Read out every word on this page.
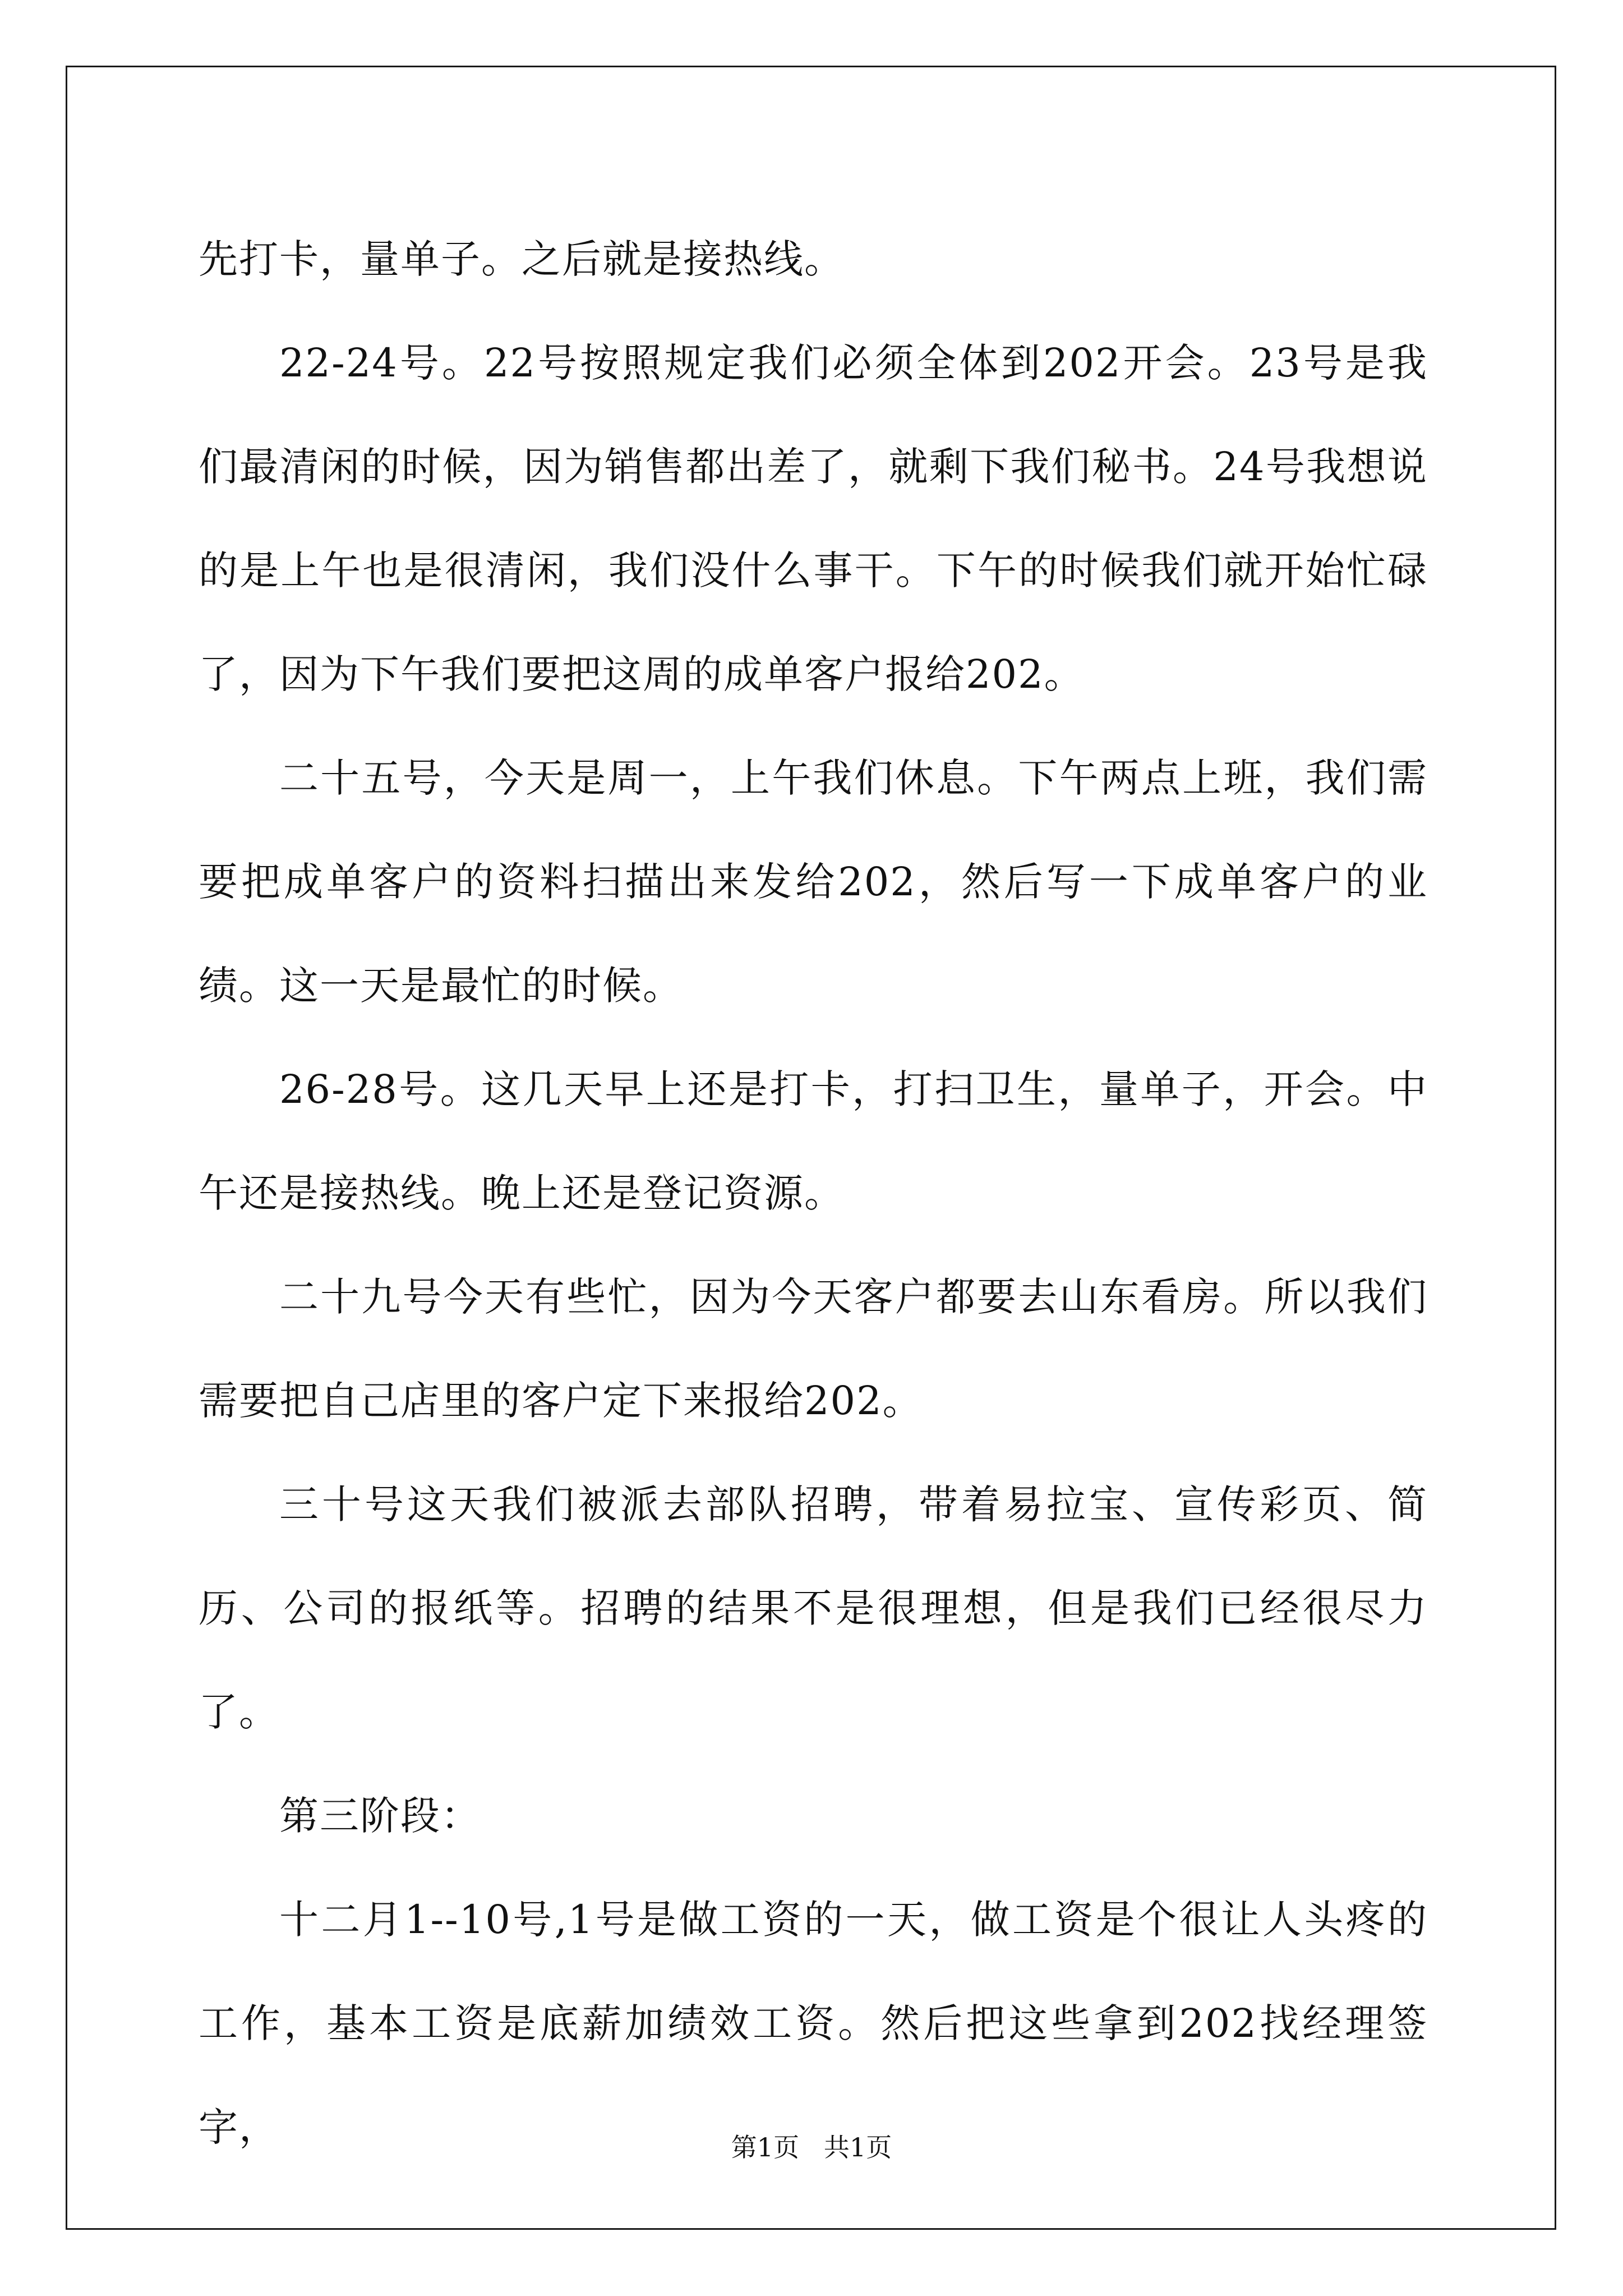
先打卡，量单子。之后就是接热线。

22-24号。22号按照规定我们必须全体到202开会。23号是我们最清闲的时候，因为销售都出差了，就剩下我们秘书。24号我想说的是上午也是很清闲，我们没什么事干。下午的时候我们就开始忙碌了，因为下午我们要把这周的成单客户报给202。

二十五号，今天是周一，上午我们休息。下午两点上班，我们需要把成单客户的资料扫描出来发给202，然后写一下成单客户的业绩。这一天是最忙的时候。

26-28号。这几天早上还是打卡，打扫卫生，量单子，开会。中午还是接热线。晚上还是登记资源。

二十九号今天有些忙，因为今天客户都要去山东看房。所以我们需要把自己店里的客户定下来报给202。

三十号这天我们被派去部队招聘，带着易拉宝、宣传彩页、简历、公司的报纸等。招聘的结果不是很理想，但是我们已经很尽力了。

第三阶段：

十二月1--10号,1号是做工资的一天，做工资是个很让人头疼的工作，基本工资是底薪加绩效工资。然后把这些拿到202找经理签字，	第1页   共1页
